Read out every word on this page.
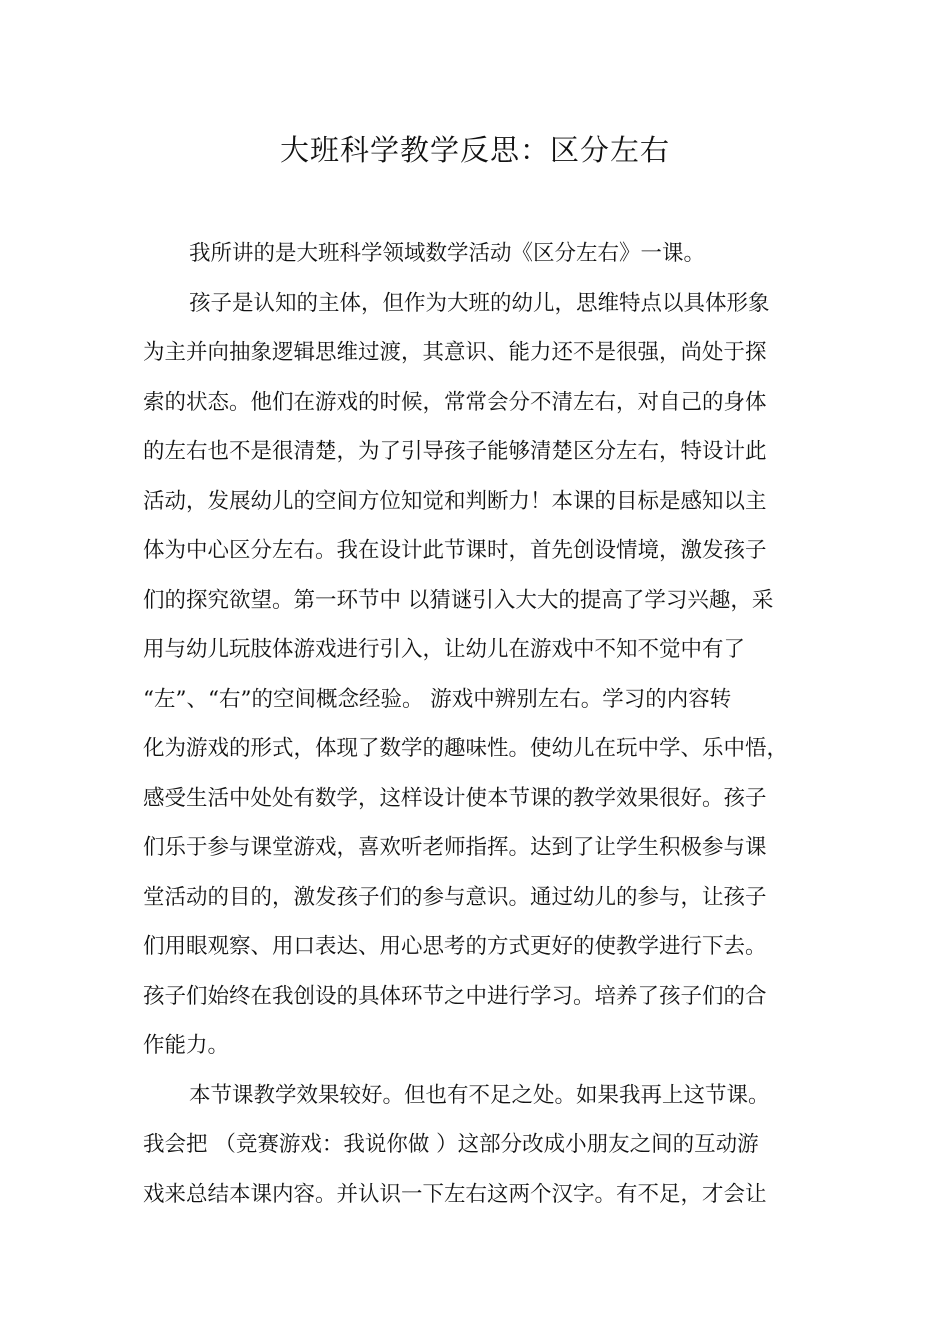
大班科学教学反思：区分左右
我所讲的是大班科学领域数学活动《区分左右》一课。
孩子是认知的主体，但作为大班的幼儿，思维特点以具体形象
为主并向抽象逻辑思维过渡，其意识、能力还不是很强，尚处于探
索的状态。他们在游戏的时候，常常会分不清左右，对自己的身体
的左右也不是很清楚，为了引导孩子能够清楚区分左右，特设计此
活动，发展幼儿的空间方位知觉和判断力！本课的目标是感知以主
体为中心区分左右。我在设计此节课时，首先创设情境，激发孩子
们的探究欲望。第一环节中 以猜谜引入大大的提高了学习兴趣，采
用与幼儿玩肢体游戏进行引入，让幼儿在游戏中不知不觉中有了
“左”、“右”的空间概念经验。 游戏中辨别左右。学习的内容转
化为游戏的形式，体现了数学的趣味性。使幼儿在玩中学、乐中悟，
感受生活中处处有数学，这样设计使本节课的教学效果很好。孩子
们乐于参与课堂游戏，喜欢听老师指挥。达到了让学生积极参与课
堂活动的目的，激发孩子们的参与意识。通过幼儿的参与，让孩子
们用眼观察、用口表达、用心思考的方式更好的使教学进行下去。
孩子们始终在我创设的具体环节之中进行学习。培养了孩子们的合
作能力。
本节课教学效果较好。但也有不足之处。如果我再上这节课。
我会把 （竞赛游戏：我说你做 ）这部分改成小朋友之间的互动游
戏来总结本课内容。并认识一下左右这两个汉字。有不足，才会让
